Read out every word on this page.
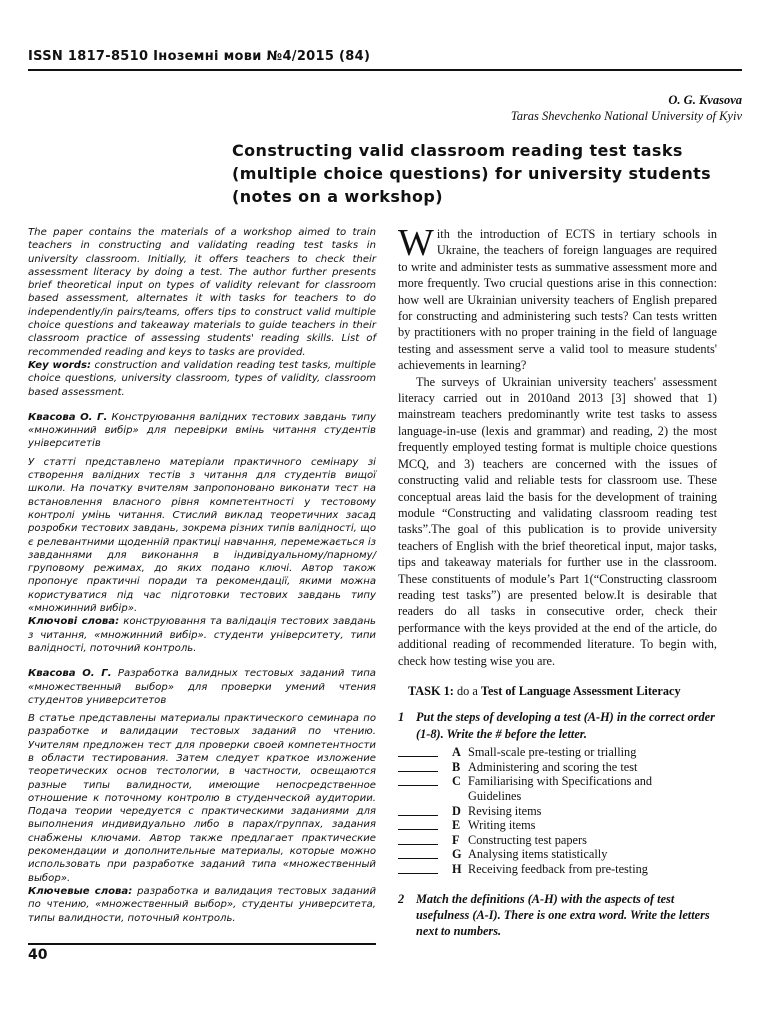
ISSN 1817-8510 Іноземні мови №4/2015 (84)
O. G. Kvasova
Taras Shevchenko National University of Kyiv
Constructing valid classroom reading test tasks
(multiple choice questions) for university students
(notes on a workshop)

The paper contains the materials of a workshop aimed to train teachers in constructing and validating reading test tasks in university classroom. Initially, it offers teachers to check their assessment literacy by doing a test. The author further presents brief theoretical input on types of validity relevant for classroom based assessment, alternates it with tasks for teachers to do independently/in pairs/teams, offers tips to construct valid multiple choice questions and takeaway materials to guide teachers in their classroom practice of assessing students' reading skills. List of recommended reading and keys to tasks are provided.

Key words: construction and validation reading test tasks, multiple choice questions, university classroom, types of validity, classroom based assessment.

Квасова О. Г. Конструювання валідних тестових завдань типу «множинний вибір» для перевірки вмінь читання студентів університетів

У статті представлено матеріали практичного семінару зі створення валідних тестів з читання для студентів вищої школи. На початку вчителям запропоновано виконати тест на встановлення власного рівня компетентності у тестовому контролі умінь читання. Стислий виклад теоретичних засад розробки тестових завдань, зокрема різних типів валідності, що є релевантними щоденній практиці навчання, перемежається із завданнями для виконання в індивідуальному/парному/груповому режимах, до яких подано ключі. Автор також пропонує практичні поради та рекомендації, якими можна користуватися під час підготовки тестових завдань типу «множинний вибір».

Ключові слова: конструювання та валідація тестових завдань з читання, «множинний вибір». студенти університету, типи валідності, поточний контроль.

Квасова О. Г. Разработка валидных тестовых заданий типа «множественный выбор» для проверки умений чтения студентов университетов

В статье представлены материалы практического семинара по разработке и валидации тестовых заданий по чтению. Учителям предложен тест для проверки своей компетентности в области тестирования. Затем следует краткое изложение теоретических основ тестологии, в частности, освещаются разные типы валидности, имеющие непосредственное отношение к поточному контролю в студенческой аудитории. Подача теории чередуется с практическими заданиями для выполнения индивидуально либо в парах/группах, задания снабжены ключами. Автор также предлагает практические рекомендации и дополнительные материалы, которые можно использовать при разработке заданий типа «множественный выбор».

Ключевые слова: разработка и валидация тестовых заданий по чтению, «множественный выбор», студенты университета, типы валидности, поточный контроль.

With the introduction of ECTS in tertiary schools in Ukraine, the teachers of foreign languages are required to write and administer tests as summative assessment more and more frequently. Two crucial questions arise in this connection: how well are Ukrainian university teachers of English prepared for constructing and administering such tests? Can tests written by practitioners with no proper training in the field of language testing and assessment serve a valid tool to measure students' achievements in learning?

The surveys of Ukrainian university teachers' assessment literacy carried out in 2010and 2013 [3] showed that 1) mainstream teachers predominantly write test tasks to assess language-in-use (lexis and grammar) and reading, 2) the most frequently employed testing format is multiple choice questions MCQ, and 3) teachers are concerned with the issues of constructing valid and reliable tests for classroom use. These conceptual areas laid the basis for the development of training module “Constructing and validating classroom reading test tasks”.The goal of this publication is to provide university teachers of English with the brief theoretical input, major tasks, tips and takeaway materials for further use in the classroom. These constituents of module’s Part 1(“Constructing classroom reading test tasks”) are presented below.It is desirable that readers do all tasks in consecutive order, check their performance with the keys provided at the end of the article, do additional reading of recommended literature. To begin with, check how testing wise you are.

TASK 1: do a Test of Language Assessment Literacy

1 Put the steps of developing a test (A-H) in the correct order (1-8). Write the # before the letter.
A Small-scale pre-testing or trialling
B Administering and scoring the test
C Familiarising with Specifications and
Guidelines
D Revising items
E Writing items
F Constructing test papers
G Analysing items statistically
H Receiving feedback from pre-testing
2 Match the definitions (A-H) with the aspects of test usefulness (A-I). There is one extra word. Write the letters next to numbers.
40
